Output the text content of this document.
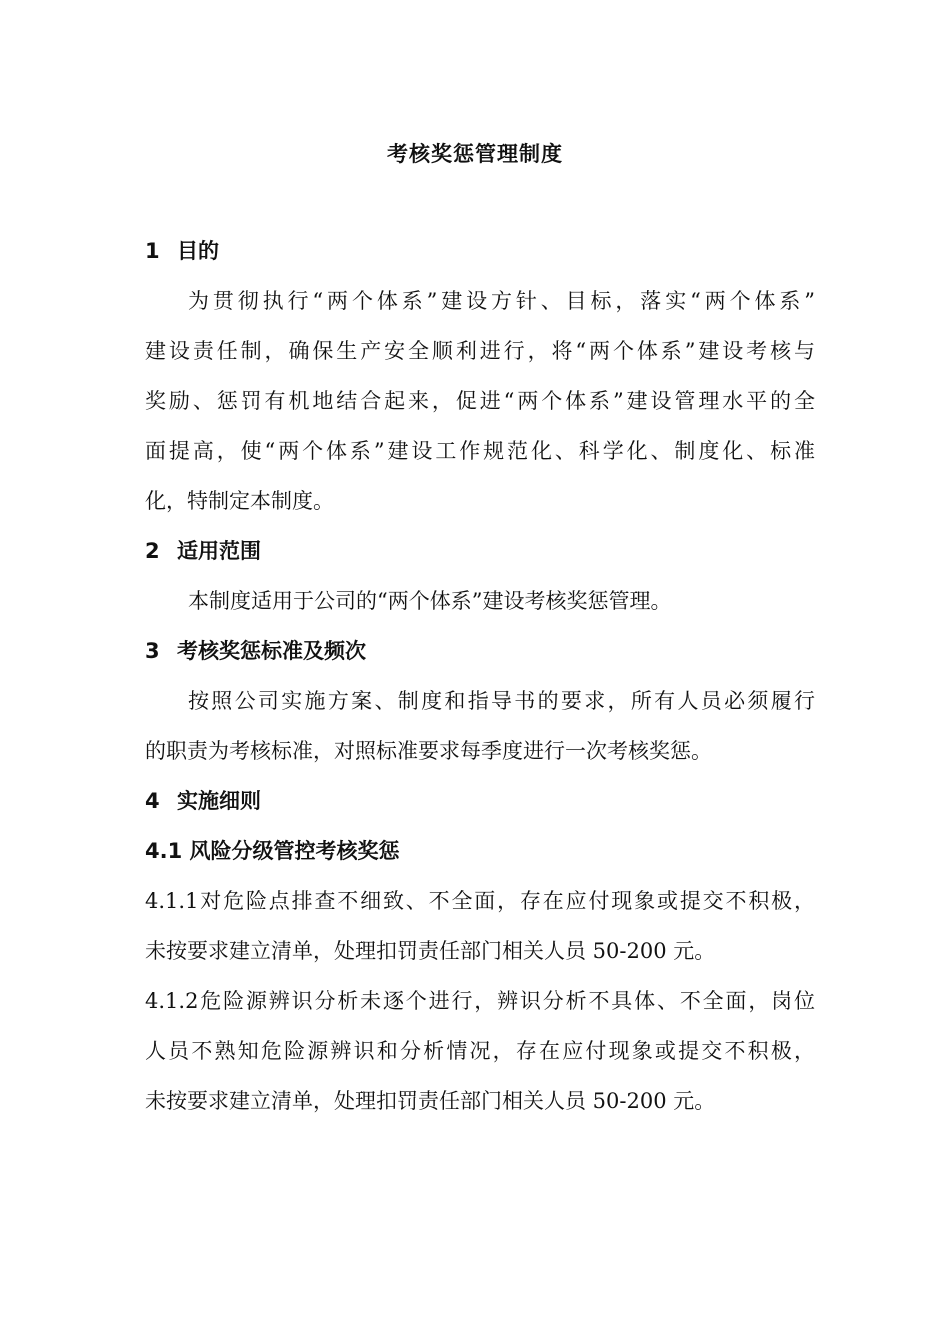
考核奖惩管理制度
1 目的
为贯彻执行“两个体系”建设方针、目标，落实“两个体系”
建设责任制，确保生产安全顺利进行，将“两个体系”建设考核与
奖励、惩罚有机地结合起来，促进“两个体系”建设管理水平的全
面提高，使“两个体系”建设工作规范化、科学化、制度化、标准
化，特制定本制度。
2 适用范围
本制度适用于公司的“两个体系”建设考核奖惩管理。
3 考核奖惩标准及频次
按照公司实施方案、制度和指导书的要求，所有人员必须履行
的职责为考核标准，对照标准要求每季度进行一次考核奖惩。
4 实施细则
4.1 风险分级管控考核奖惩
4.1.1对危险点排查不细致、不全面，存在应付现象或提交不积极，
未按要求建立清单，处理扣罚责任部门相关人员 50-200 元。
4.1.2危险源辨识分析未逐个进行，辨识分析不具体、不全面，岗位
人员不熟知危险源辨识和分析情况，存在应付现象或提交不积极，
未按要求建立清单，处理扣罚责任部门相关人员 50-200 元。
